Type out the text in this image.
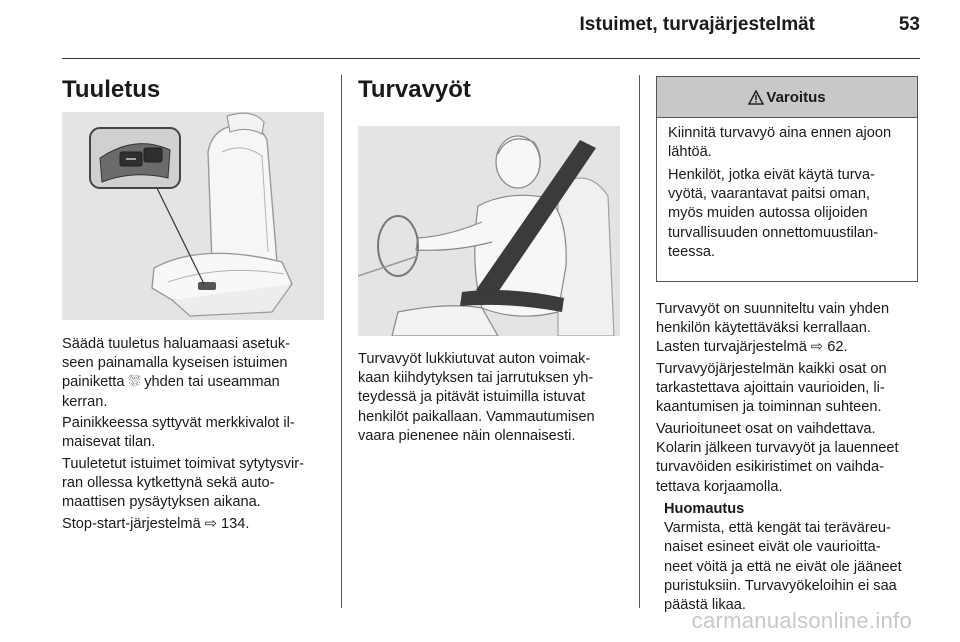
Istuimet, turvajärjestelmät	53
Tuuletus

Säädä tuuletus haluamaasi asetuk-
seen painamalla kyseisen istuimen
painiketta ⛆ yhden tai useamman
kerran.

Painikkeessa syttyvät merkkivalot il-
maisevat tilan.

Tuuletetut istuimet toimivat sytytysvir-
ran ollessa kytkettynä sekä auto-
maattisen pysäytyksen aikana.

Stop-start-järjestelmä ⇨ 134.

Turvavyöt

Turvavyöt lukkiutuvat auton voimak-
kaan kiihdytyksen tai jarrutuksen yh-
teydessä ja pitävät istuimilla istuvat
henkilöt paikallaan. Vammautumisen
vaara pienenee näin olennaisesti.

Varoitus

Kiinnitä turvavyö aina ennen ajoon
lähtöä.

Henkilöt, jotka eivät käytä turva-
vyötä, vaarantavat paitsi oman,
myös muiden autossa olijoiden
turvallisuuden onnettomuustilan-
teessa.

Turvavyöt on suunniteltu vain yhden
henkilön käytettäväksi kerrallaan.
Lasten turvajärjestelmä ⇨ 62.

Turvavyöjärjestelmän kaikki osat on
tarkastettava ajoittain vaurioiden, li-
kaantumisen ja toiminnan suhteen.

Vaurioituneet osat on vaihdettava.
Kolarin jälkeen turvavyöt ja lauenneet
turvavöiden esikiristimet on vaihda-
tettava korjaamolla.

Huomautus
Varmista, että kengät tai teräväreu-
naiset esineet eivät ole vaurioitta-
neet vöitä ja että ne eivät ole jääneet
puristuksiin. Turvavyökeloihin ei saa
päästä likaa.

carmanualsonline.info
